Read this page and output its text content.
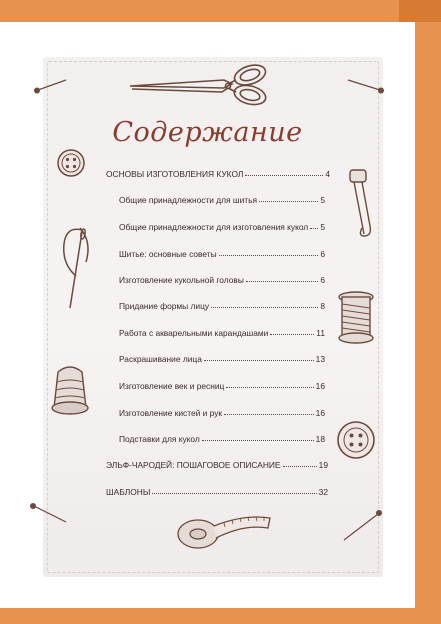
Содержание
ОСНОВЫ ИЗГОТОВЛЕНИЯ КУКОЛ	4
Общие принадлежности для шитья	5
Общие принадлежности для изготовления кукол 5
Шитье: основные советы	6
Изготовление кукольной головы	6
Придание формы лицу	8
Работа с акварельными карандашами	11
Раскрашивание лица	13
Изготовление век и ресниц	16
Изготовление кистей и рук	16
Подставки для кукол	18
ЭЛЬФ-ЧАРОДЕЙ: ПОШАГОВОЕ ОПИСАНИЕ	19
ШАБЛОНЫ	32
